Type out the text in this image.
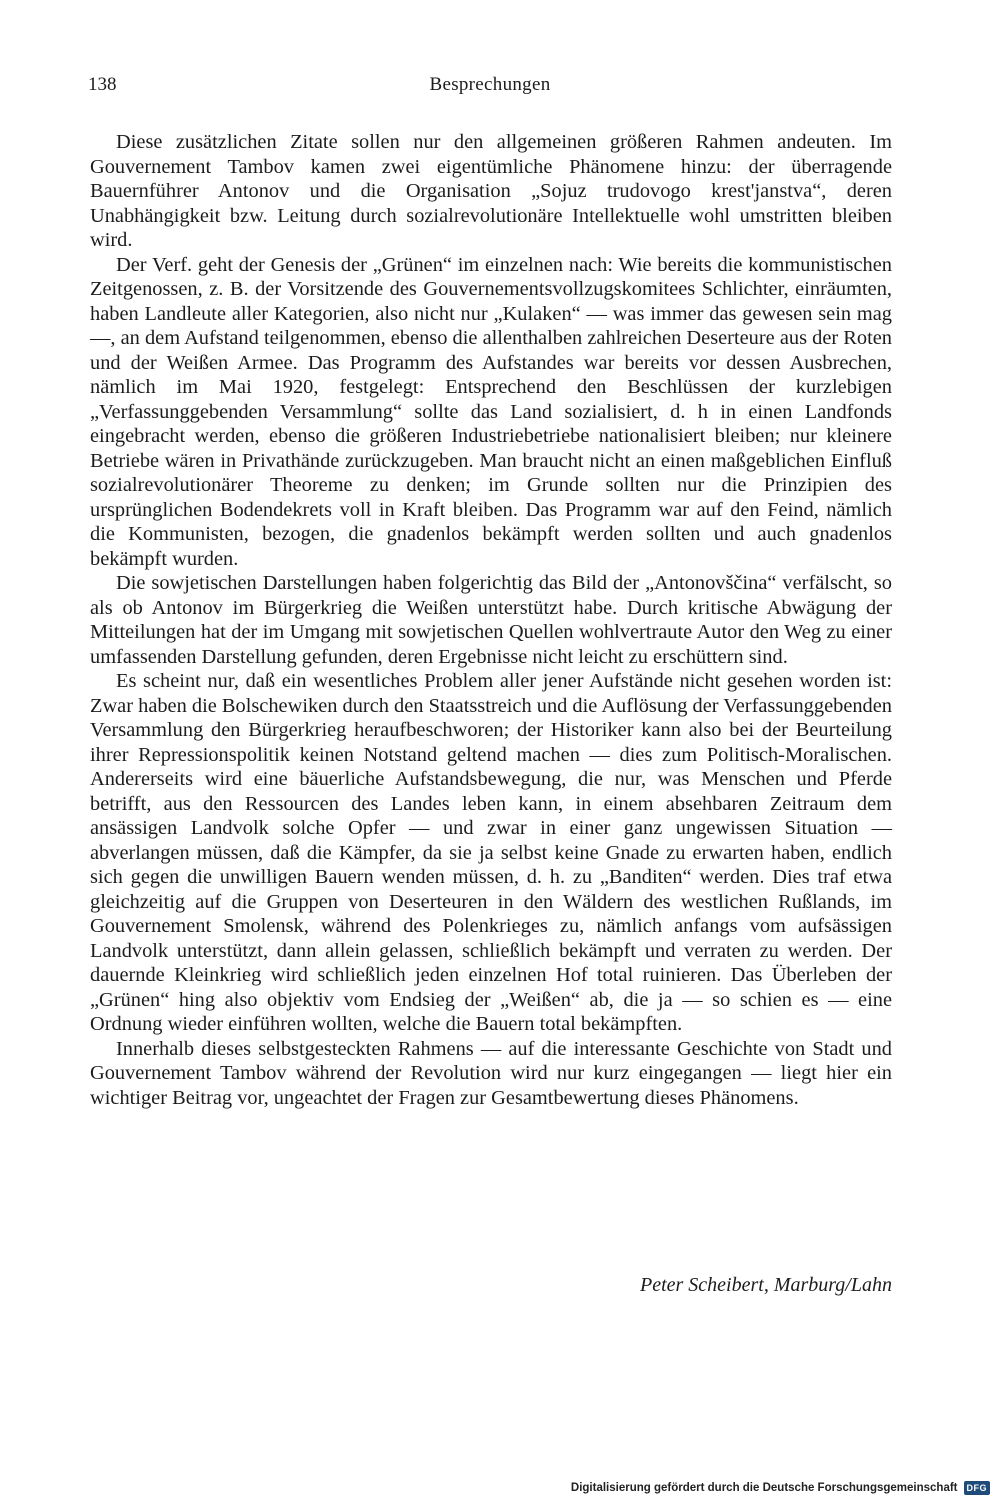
138	Besprechungen

Diese zusätzlichen Zitate sollen nur den allgemeinen größeren Rahmen andeuten. Im Gouvernement Tambov kamen zwei eigentümliche Phänomene hinzu: der überragende Bauernführer Antonov und die Organisation „Sojuz trudovogo krest'janstva“, deren Unabhängigkeit bzw. Leitung durch sozialrevolutionäre Intellektuelle wohl umstritten bleiben wird.

Der Verf. geht der Genesis der „Grünen“ im einzelnen nach: Wie bereits die kommunistischen Zeitgenossen, z. B. der Vorsitzende des Gouvernementsvollzugskomitees Schlichter, einräumten, haben Landleute aller Kategorien, also nicht nur „Kulaken“ — was immer das gewesen sein mag —, an dem Aufstand teilgenommen, ebenso die allenthalben zahlreichen Deserteure aus der Roten und der Weißen Armee. Das Programm des Aufstandes war bereits vor dessen Ausbrechen, nämlich im Mai 1920, festgelegt: Entsprechend den Beschlüssen der kurzlebigen „Verfassunggebenden Versammlung“ sollte das Land sozialisiert, d. h in einen Landfonds eingebracht werden, ebenso die größeren Industriebetriebe nationalisiert bleiben; nur kleinere Betriebe wären in Privathände zurückzugeben. Man braucht nicht an einen maßgeblichen Einfluß sozialrevolutionärer Theoreme zu denken; im Grunde sollten nur die Prinzipien des ursprünglichen Bodendekrets voll in Kraft bleiben. Das Programm war auf den Feind, nämlich die Kommunisten, bezogen, die gnadenlos bekämpft werden sollten und auch gnadenlos bekämpft wurden.

Die sowjetischen Darstellungen haben folgerichtig das Bild der „Antonovščina“ verfälscht, so als ob Antonov im Bürgerkrieg die Weißen unterstützt habe. Durch kritische Abwägung der Mitteilungen hat der im Umgang mit sowjetischen Quellen wohlvertraute Autor den Weg zu einer umfassenden Darstellung gefunden, deren Ergebnisse nicht leicht zu erschüttern sind.

Es scheint nur, daß ein wesentliches Problem aller jener Aufstände nicht gesehen worden ist: Zwar haben die Bolschewiken durch den Staatsstreich und die Auflösung der Verfassunggebenden Versammlung den Bürgerkrieg heraufbeschworen; der Historiker kann also bei der Beurteilung ihrer Repressionspolitik keinen Notstand geltend machen — dies zum Politisch-Moralischen. Andererseits wird eine bäuerliche Aufstandsbewegung, die nur, was Menschen und Pferde betrifft, aus den Ressourcen des Landes leben kann, in einem absehbaren Zeitraum dem ansässigen Landvolk solche Opfer — und zwar in einer ganz ungewissen Situation — abverlangen müssen, daß die Kämpfer, da sie ja selbst keine Gnade zu erwarten haben, endlich sich gegen die unwilligen Bauern wenden müssen, d. h. zu „Banditen“ werden. Dies traf etwa gleichzeitig auf die Gruppen von Deserteuren in den Wäldern des westlichen Rußlands, im Gouvernement Smolensk, während des Polenkrieges zu, nämlich anfangs vom aufsässigen Landvolk unterstützt, dann allein gelassen, schließlich bekämpft und verraten zu werden. Der dauernde Kleinkrieg wird schließlich jeden einzelnen Hof total ruinieren. Das Überleben der „Grünen“ hing also objektiv vom Endsieg der „Weißen“ ab, die ja — so schien es — eine Ordnung wieder einführen wollten, welche die Bauern total bekämpften.

Innerhalb dieses selbstgesteckten Rahmens — auf die interessante Geschichte von Stadt und Gouvernement Tambov während der Revolution wird nur kurz eingegangen — liegt hier ein wichtiger Beitrag vor, ungeachtet der Fragen zur Gesamtbewertung dieses Phänomens.

Peter Scheibert, Marburg/Lahn
Digitalisierung gefördert durch die Deutsche Forschungsgemeinschaft	DFG
